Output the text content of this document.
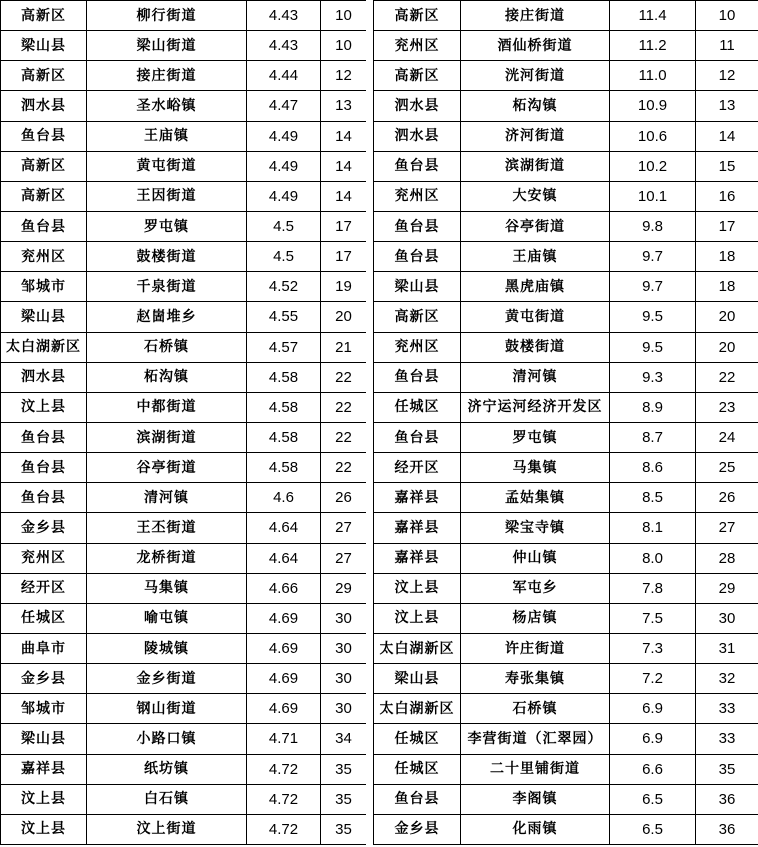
高新区	柳行街道	4.43	10
梁山县	梁山街道	4.43	10
高新区	接庄街道	4.44	12
泗水县	圣水峪镇	4.47	13
鱼台县	王庙镇	4.49	14
高新区	黄屯街道	4.49	14
高新区	王因街道	4.49	14
鱼台县	罗屯镇	4.5	17
兖州区	鼓楼街道	4.5	17
邹城市	千泉街道	4.52	19
梁山县	赵崮堆乡	4.55	20
太白湖新区	石桥镇	4.57	21
泗水县	柘沟镇	4.58	22
汶上县	中都街道	4.58	22
鱼台县	滨湖街道	4.58	22
鱼台县	谷亭街道	4.58	22
鱼台县	清河镇	4.6	26
金乡县	王丕街道	4.64	27
兖州区	龙桥街道	4.64	27
经开区	马集镇	4.66	29
任城区	喻屯镇	4.69	30
曲阜市	陵城镇	4.69	30
金乡县	金乡街道	4.69	30
邹城市	钢山街道	4.69	30
梁山县	小路口镇	4.71	34
嘉祥县	纸坊镇	4.72	35
汶上县	白石镇	4.72	35
汶上县	汶上街道	4.72	35
高新区	接庄街道	11.4	10
兖州区	酒仙桥街道	11.2	11
高新区	洸河街道	11.0	12
泗水县	柘沟镇	10.9	13
泗水县	济河街道	10.6	14
鱼台县	滨湖街道	10.2	15
兖州区	大安镇	10.1	16
鱼台县	谷亭街道	9.8	17
鱼台县	王庙镇	9.7	18
梁山县	黑虎庙镇	9.7	18
高新区	黄屯街道	9.5	20
兖州区	鼓楼街道	9.5	20
鱼台县	清河镇	9.3	22
任城区	济宁运河经济开发区	8.9	23
鱼台县	罗屯镇	8.7	24
经开区	马集镇	8.6	25
嘉祥县	孟姑集镇	8.5	26
嘉祥县	梁宝寺镇	8.1	27
嘉祥县	仲山镇	8.0	28
汶上县	军屯乡	7.8	29
汶上县	杨店镇	7.5	30
太白湖新区	许庄街道	7.3	31
梁山县	寿张集镇	7.2	32
太白湖新区	石桥镇	6.9	33
任城区	李营街道（汇翠园）	6.9	33
任城区	二十里铺街道	6.6	35
鱼台县	李阁镇	6.5	36
金乡县	化雨镇	6.5	36
